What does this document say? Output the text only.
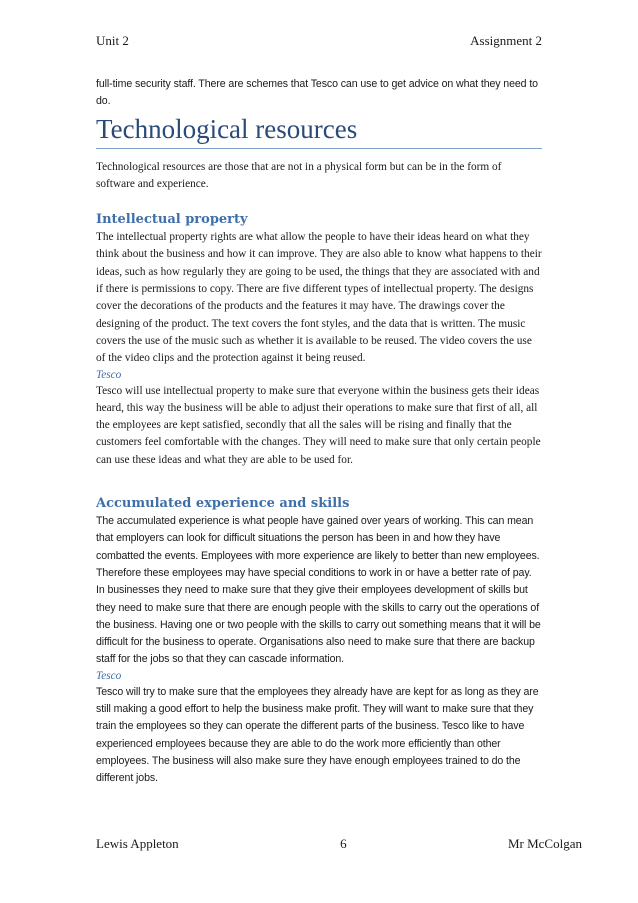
Unit 2	Assignment 2

full-time security staff. There are schemes that Tesco can use to get advice on what they need to do.

Technological resources

Technological resources are those that are not in a physical form but can be in the form of software and experience.

Intellectual property

The intellectual property rights are what allow the people to have their ideas heard on what they think about the business and how it can improve. They are also able to know what happens to their ideas, such as how regularly they are going to be used, the things that they are associated with and if there is permissions to copy. There are five different types of intellectual property. The designs cover the decorations of the products and the features it may have. The drawings cover the designing of the product. The text covers the font styles, and the data that is written. The music covers the use of the music such as whether it is available to be reused. The video covers the use of the video clips and the protection against it being reused.

Tesco

Tesco will use intellectual property to make sure that everyone within the business gets their ideas heard, this way the business will be able to adjust their operations to make sure that first of all, all the employees are kept satisfied, secondly that all the sales will be rising and finally that the customers feel comfortable with the changes. They will need to make sure that only certain people can use these ideas and what they are able to be used for.

Accumulated experience and skills

The accumulated experience is what people have gained over years of working. This can mean that employers can look for difficult situations the person has been in and how they have combatted the events. Employees with more experience are likely to better than new employees. Therefore these employees may have special conditions to work in or have a better rate of pay. In businesses they need to make sure that they give their employees development of skills but they need to make sure that there are enough people with the skills to carry out the operations of the business. Having one or two people with the skills to carry out something means that it will be difficult for the business to operate. Organisations also need to make sure that there are backup staff for the jobs so that they can cascade information.

Tesco

Tesco will try to make sure that the employees they already have are kept for as long as they are still making a good effort to help the business make profit. They will want to make sure that they train the employees so they can operate the different parts of the business. Tesco like to have experienced employees because they are able to do the work more efficiently than other employees. The business will also make sure they have enough employees trained to do the different jobs.

Lewis Appleton	6	Mr McColgan
